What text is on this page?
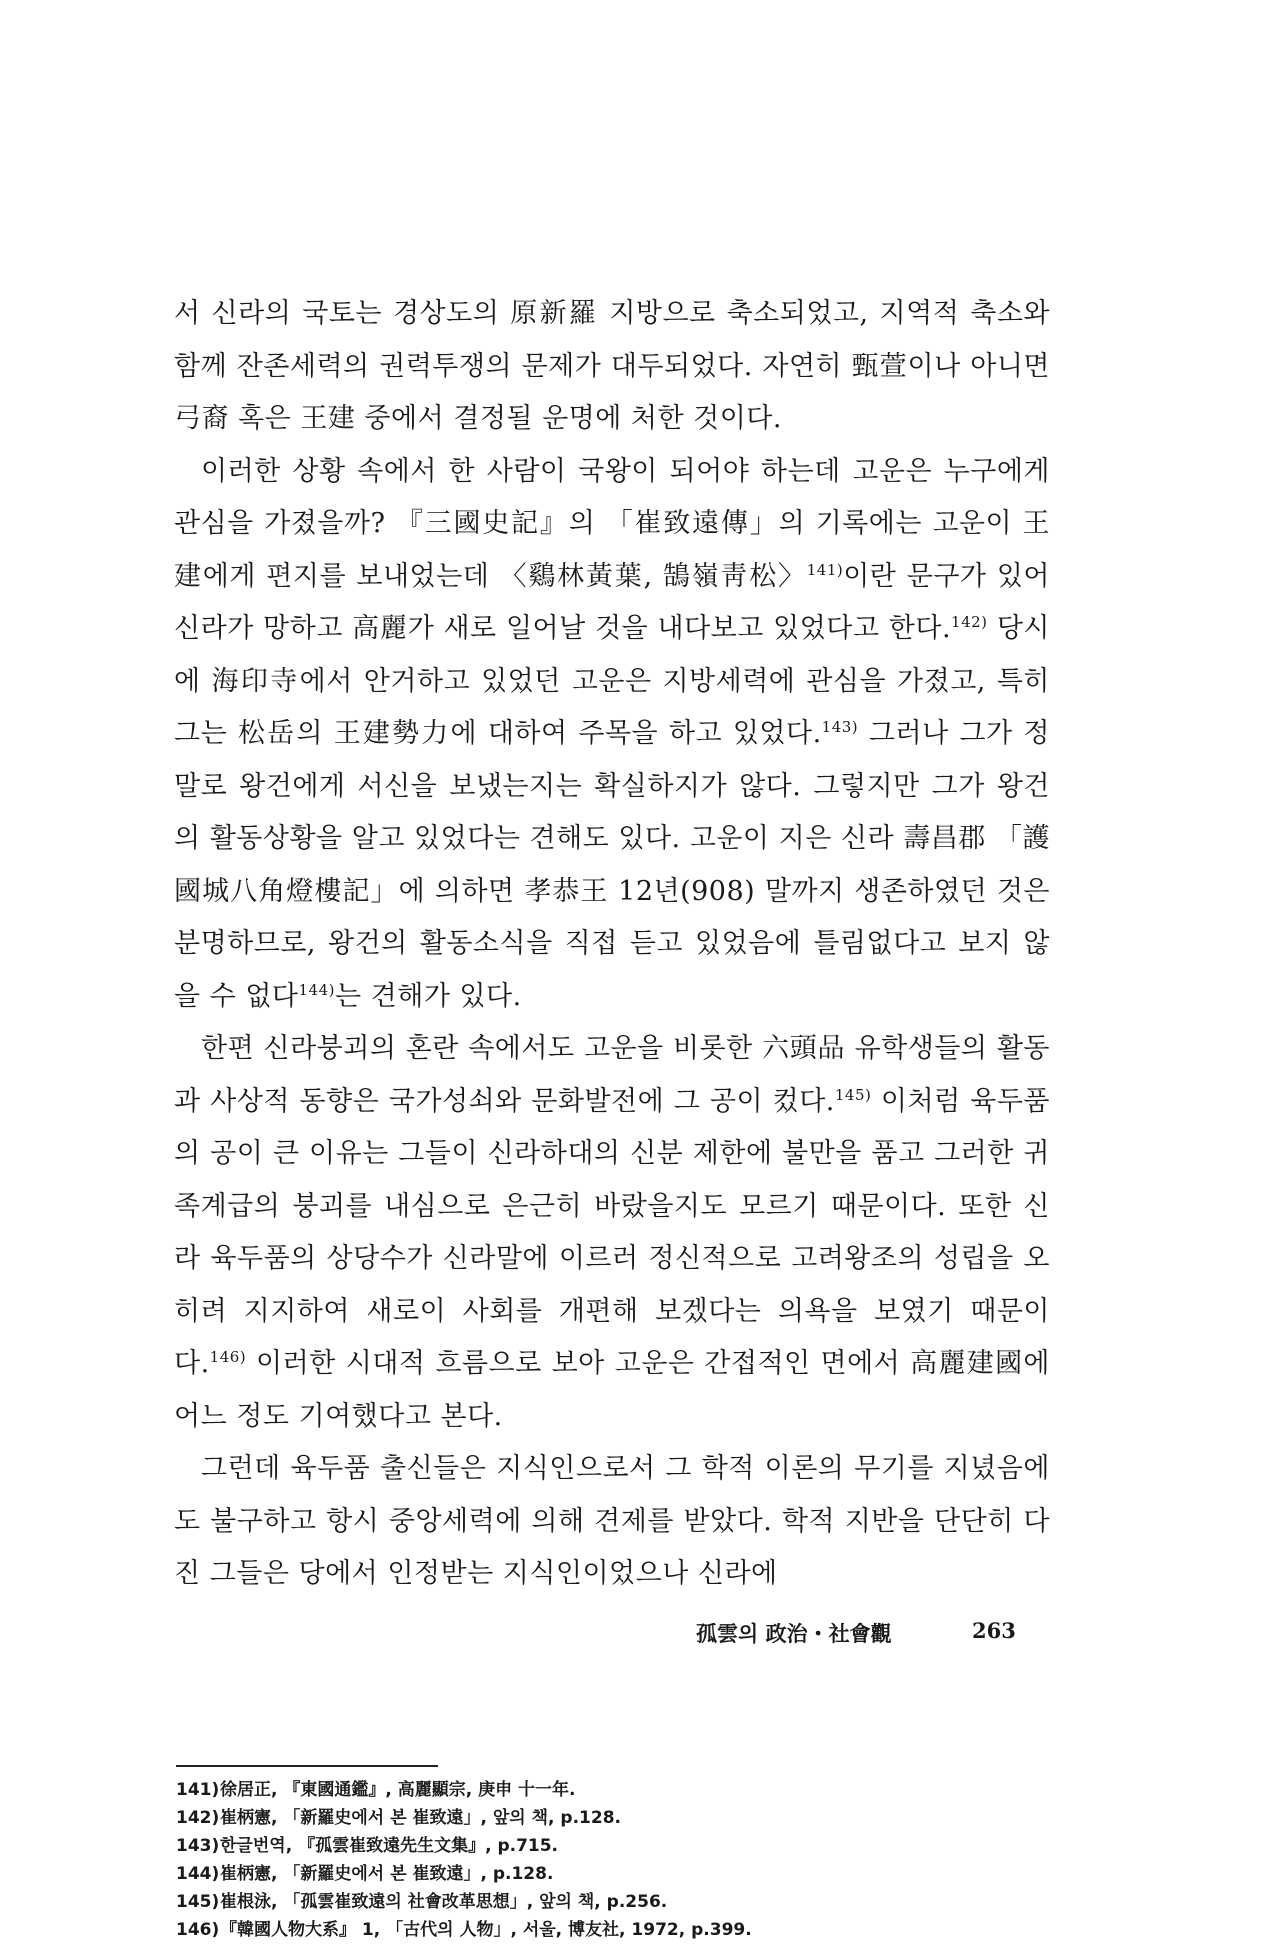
서 신라의 국토는 경상도의 原新羅 지방으로 축소되었고, 지역적 축소와 함께 잔존세력의 권력투쟁의 문제가 대두되었다. 자연히 甄萱이나 아니면 弓裔 혹은 王建 중에서 결정될 운명에 처한 것이다.

이러한 상황 속에서 한 사람이 국왕이 되어야 하는데 고운은 누구에게 관심을 가졌을까? 『三國史記』의 「崔致遠傳」의 기록에는 고운이 王建에게 편지를 보내었는데 〈鷄林黃葉, 鵠嶺靑松〉$^{141)}$이란 문구가 있어 신라가 망하고 高麗가 새로 일어날 것을 내다보고 있었다고 한다.$^{142)}$ 당시에 海印寺에서 안거하고 있었던 고운은 지방세력에 관심을 가졌고, 특히 그는 松岳의 王建勢力에 대하여 주목을 하고 있었다.$^{143)}$ 그러나 그가 정말로 왕건에게 서신을 보냈는지는 확실하지가 않다. 그렇지만 그가 왕건의 활동상황을 알고 있었다는 견해도 있다. 고운이 지은 신라 壽昌郡 「護國城八角燈樓記」에 의하면 孝恭王 12년(908) 말까지 생존하였던 것은 분명하므로, 왕건의 활동소식을 직접 듣고 있었음에 틀림없다고 보지 않을 수 없다$^{144)}$는 견해가 있다.

한편 신라붕괴의 혼란 속에서도 고운을 비롯한 六頭品 유학생들의 활동과 사상적 동향은 국가성쇠와 문화발전에 그 공이 컸다.$^{145)}$ 이처럼 육두품의 공이 큰 이유는 그들이 신라하대의 신분 제한에 불만을 품고 그러한 귀족계급의 붕괴를 내심으로 은근히 바랐을지도 모르기 때문이다. 또한 신라 육두품의 상당수가 신라말에 이르러 정신적으로 고려왕조의 성립을 오히려 지지하여 새로이 사회를 개편해 보겠다는 의욕을 보였기 때문이다.$^{146)}$ 이러한 시대적 흐름으로 보아 고운은 간접적인 면에서 高麗建國에 어느 정도 기여했다고 본다.

그런데 육두품 출신들은 지식인으로서 그 학적 이론의 무기를 지녔음에도 불구하고 항시 중앙세력에 의해 견제를 받았다. 학적 지반을 단단히 다진 그들은 당에서 인정받는 지식인이었으나 신라에

孤雲의 政治・社會觀	263
141)徐居正, 『東國通鑑』, 高麗顯宗, 庚申 十一年.
142)崔柄憲, 「新羅史에서 본 崔致遠」, 앞의 책, p.128.
143)한글번역, 『孤雲崔致遠先生文集』, p.715.
144)崔柄憲, 「新羅史에서 본 崔致遠」, p.128.
145)崔根泳, 「孤雲崔致遠의 社會改革思想」, 앞의 책, p.256.
146)『韓國人物大系』 1, 「古代의 人物」, 서울, 博友社, 1972, p.399.
